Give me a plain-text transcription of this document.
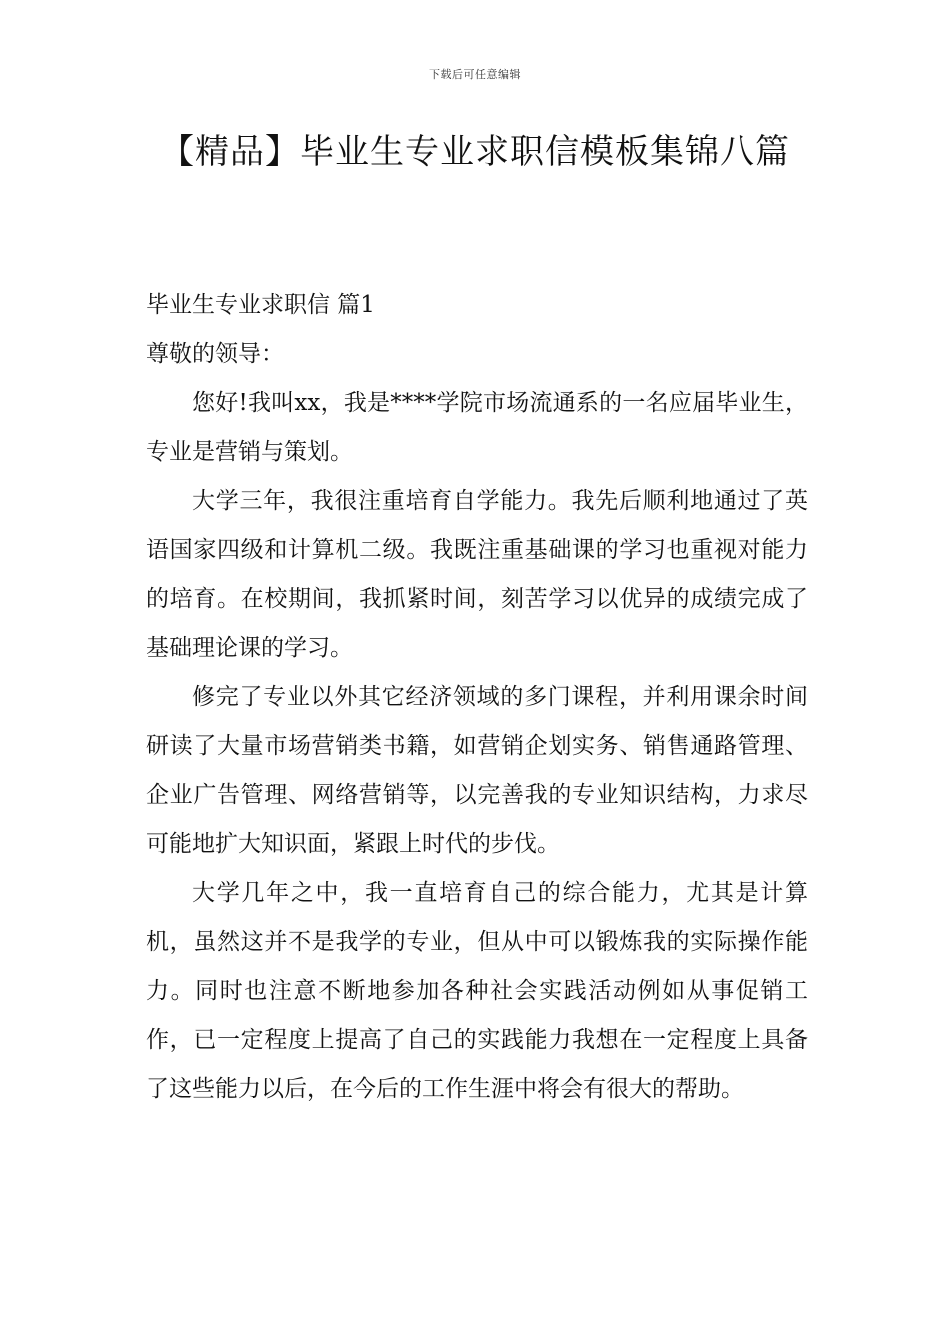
下载后可任意编辑
【精品】毕业生专业求职信模板集锦八篇

毕业生专业求职信 篇1

尊敬的领导：

您好!我叫xx，我是****学院市场流通系的一名应届毕业生，专业是营销与策划。

大学三年，我很注重培育自学能力。我先后顺利地通过了英语国家四级和计算机二级。我既注重基础课的学习也重视对能力的培育。在校期间，我抓紧时间，刻苦学习以优异的成绩完成了基础理论课的学习。

修完了专业以外其它经济领域的多门课程，并利用课余时间研读了大量市场营销类书籍，如营销企划实务、销售通路管理、企业广告管理、网络营销等，以完善我的专业知识结构，力求尽可能地扩大知识面，紧跟上时代的步伐。

大学几年之中，我一直培育自己的综合能力，尤其是计算机，虽然这并不是我学的专业，但从中可以锻炼我的实际操作能力。同时也注意不断地参加各种社会实践活动例如从事促销工作，已一定程度上提高了自己的实践能力我想在一定程度上具备了这些能力以后，在今后的工作生涯中将会有很大的帮助。
